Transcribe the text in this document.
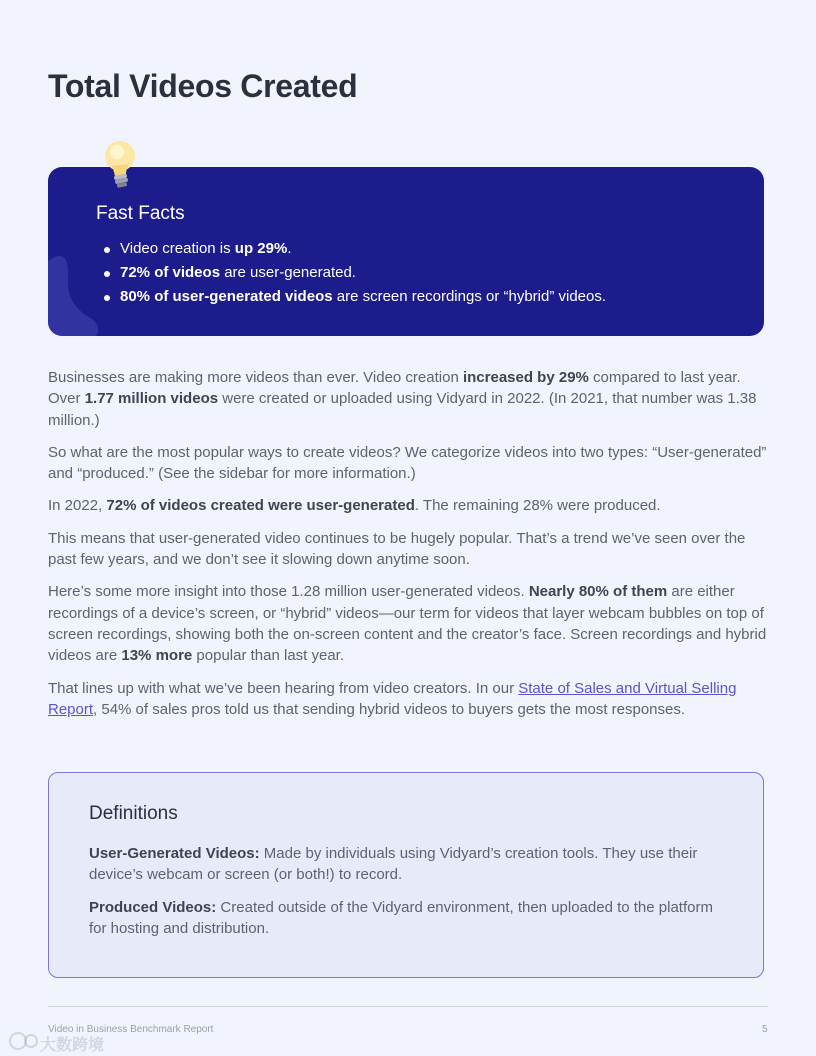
Total Videos Created
Fast Facts
Video creation is up 29%.
72% of videos are user-generated.
80% of user-generated videos are screen recordings or “hybrid” videos.

Businesses are making more videos than ever. Video creation increased by 29% compared to last year. Over 1.77 million videos were created or uploaded using Vidyard in 2022. (In 2021, that number was 1.38 million.)

So what are the most popular ways to create videos? We categorize videos into two types: “User-generated” and “produced.” (See the sidebar for more information.)

In 2022, 72% of videos created were user-generated. The remaining 28% were produced.

This means that user-generated video continues to be hugely popular. That’s a trend we’ve seen over the past few years, and we don’t see it slowing down anytime soon.

Here’s some more insight into those 1.28 million user-generated videos. Nearly 80% of them are either recordings of a device’s screen, or “hybrid” videos—our term for videos that layer webcam bubbles on top of screen recordings, showing both the on-screen content and the creator’s face. Screen recordings and hybrid videos are 13% more popular than last year.

That lines up with what we’ve been hearing from video creators. In our State of Sales and Virtual Selling Report, 54% of sales pros told us that sending hybrid videos to buyers gets the most responses.

Definitions

User-Generated Videos: Made by individuals using Vidyard’s creation tools. They use their device’s webcam or screen (or both!) to record.

Produced Videos: Created outside of the Vidyard environment, then uploaded to the platform for hosting and distribution.

Video in Business Benchmark Report	5
大数跨境
